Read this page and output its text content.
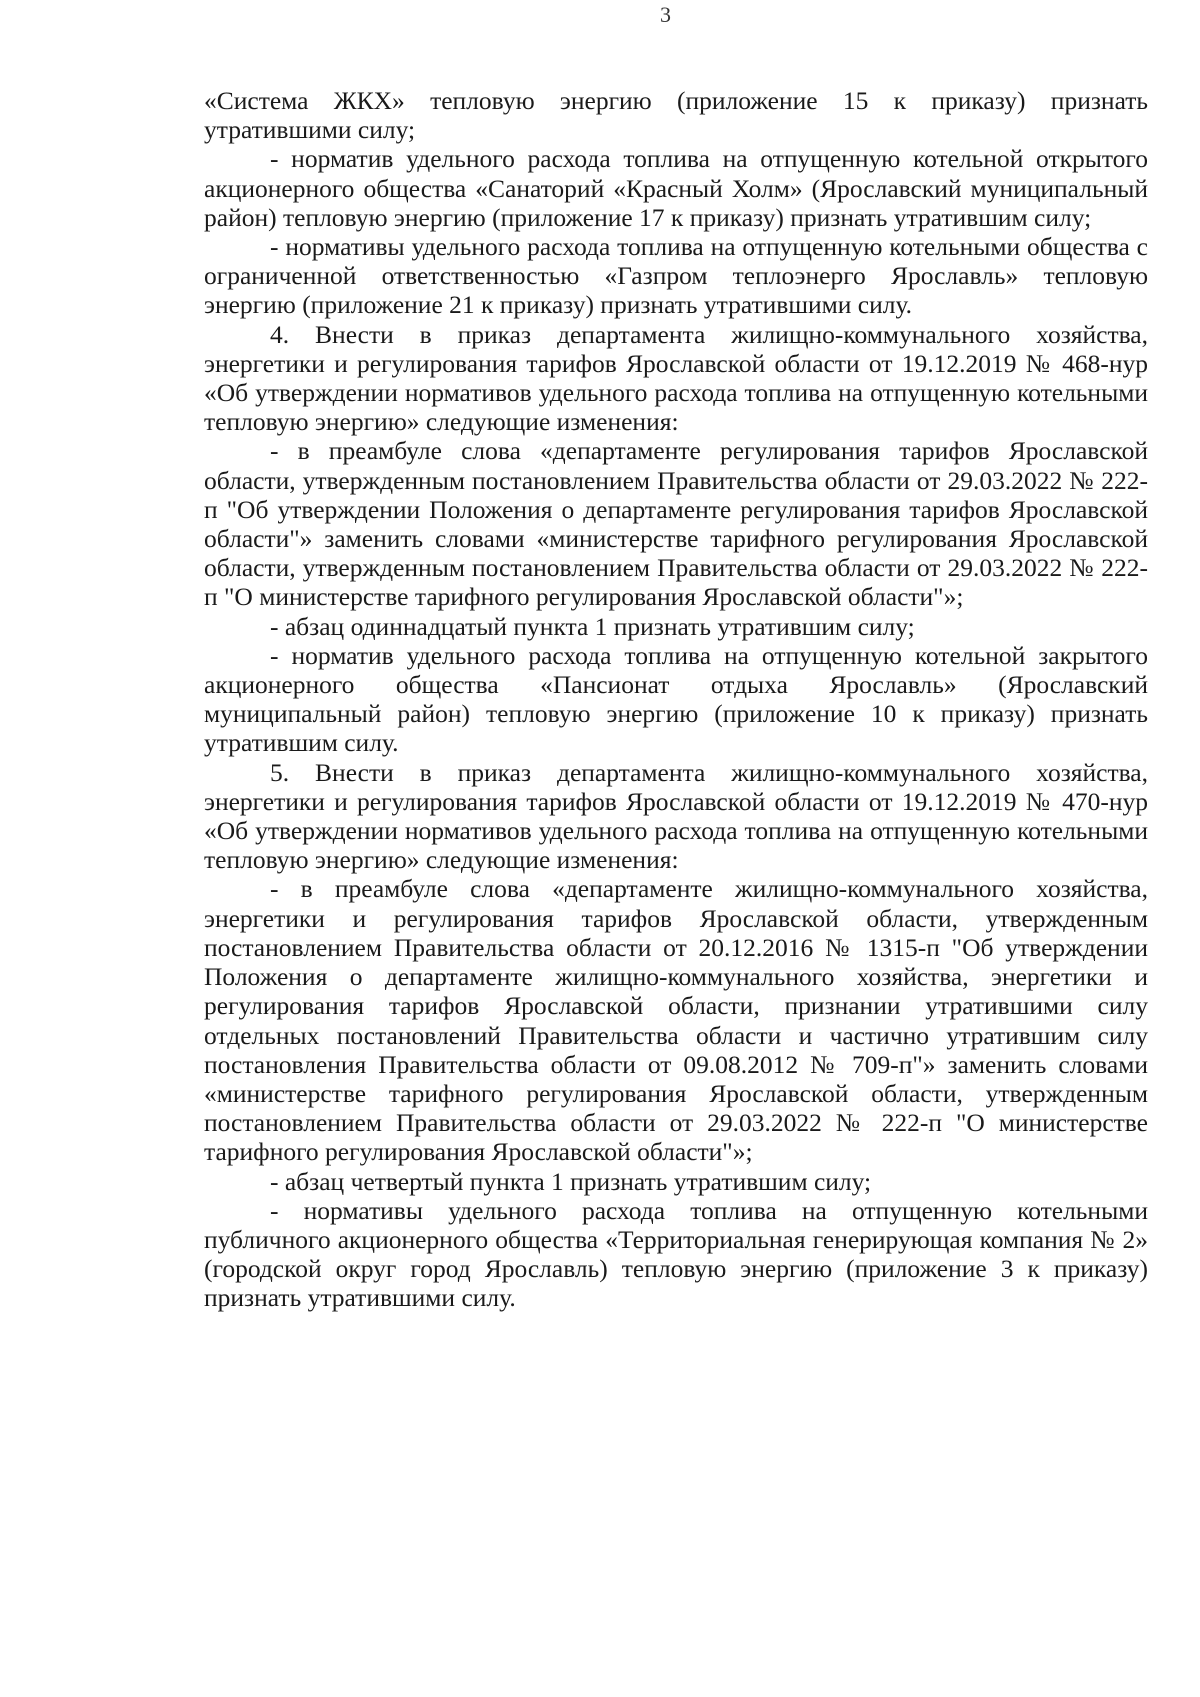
3

«Система ЖКХ» тепловую энергию (приложение 15 к приказу) признать утратившими силу;

- норматив удельного расхода топлива на отпущенную котельной открытого акционерного общества «Санаторий «Красный Холм» (Ярославский муниципальный район) тепловую энергию (приложение 17 к приказу) признать утратившим силу;

- нормативы удельного расхода топлива на отпущенную котельными общества с ограниченной ответственностью «Газпром теплоэнерго Ярославль» тепловую энергию (приложение 21 к приказу) признать утратившими силу.

4. Внести в приказ департамента жилищно-коммунального хозяйства, энергетики и регулирования тарифов Ярославской области от 19.12.2019 № 468-нур «Об утверждении нормативов удельного расхода топлива на отпущенную котельными тепловую энергию» следующие изменения:

- в преамбуле слова «департаменте регулирования тарифов Ярославской области, утвержденным постановлением Правительства области от 29.03.2022 № 222-п "Об утверждении Положения о департаменте регулирования тарифов Ярославской области"» заменить словами «министерстве тарифного регулирования Ярославской области, утвержденным постановлением Правительства области от 29.03.2022 № 222-п "О министерстве тарифного регулирования Ярославской области"»;

- абзац одиннадцатый пункта 1 признать утратившим силу;

- норматив удельного расхода топлива на отпущенную котельной закрытого акционерного общества «Пансионат отдыха Ярославль» (Ярославский муниципальный район) тепловую энергию (приложение 10 к приказу) признать утратившим силу.

5. Внести в приказ департамента жилищно-коммунального хозяйства, энергетики и регулирования тарифов Ярославской области от 19.12.2019 № 470-нур «Об утверждении нормативов удельного расхода топлива на отпущенную котельными тепловую энергию» следующие изменения:

- в преамбуле слова «департаменте жилищно-коммунального хозяйства, энергетики и регулирования тарифов Ярославской области, утвержденным постановлением Правительства области от 20.12.2016 № 1315-п "Об утверждении Положения о департаменте жилищно-коммунального хозяйства, энергетики и регулирования тарифов Ярославской области, признании утратившими силу отдельных постановлений Правительства области и частично утратившим силу постановления Правительства области от 09.08.2012 № 709-п"» заменить словами «министерстве тарифного регулирования Ярославской области, утвержденным постановлением Правительства области от 29.03.2022 № 222-п "О министерстве тарифного регулирования Ярославской области"»;

- абзац четвертый пункта 1 признать утратившим силу;

- нормативы удельного расхода топлива на отпущенную котельными публичного акционерного общества «Территориальная генерирующая компания № 2» (городской округ город Ярославль) тепловую энергию (приложение 3 к приказу) признать утратившими силу.
